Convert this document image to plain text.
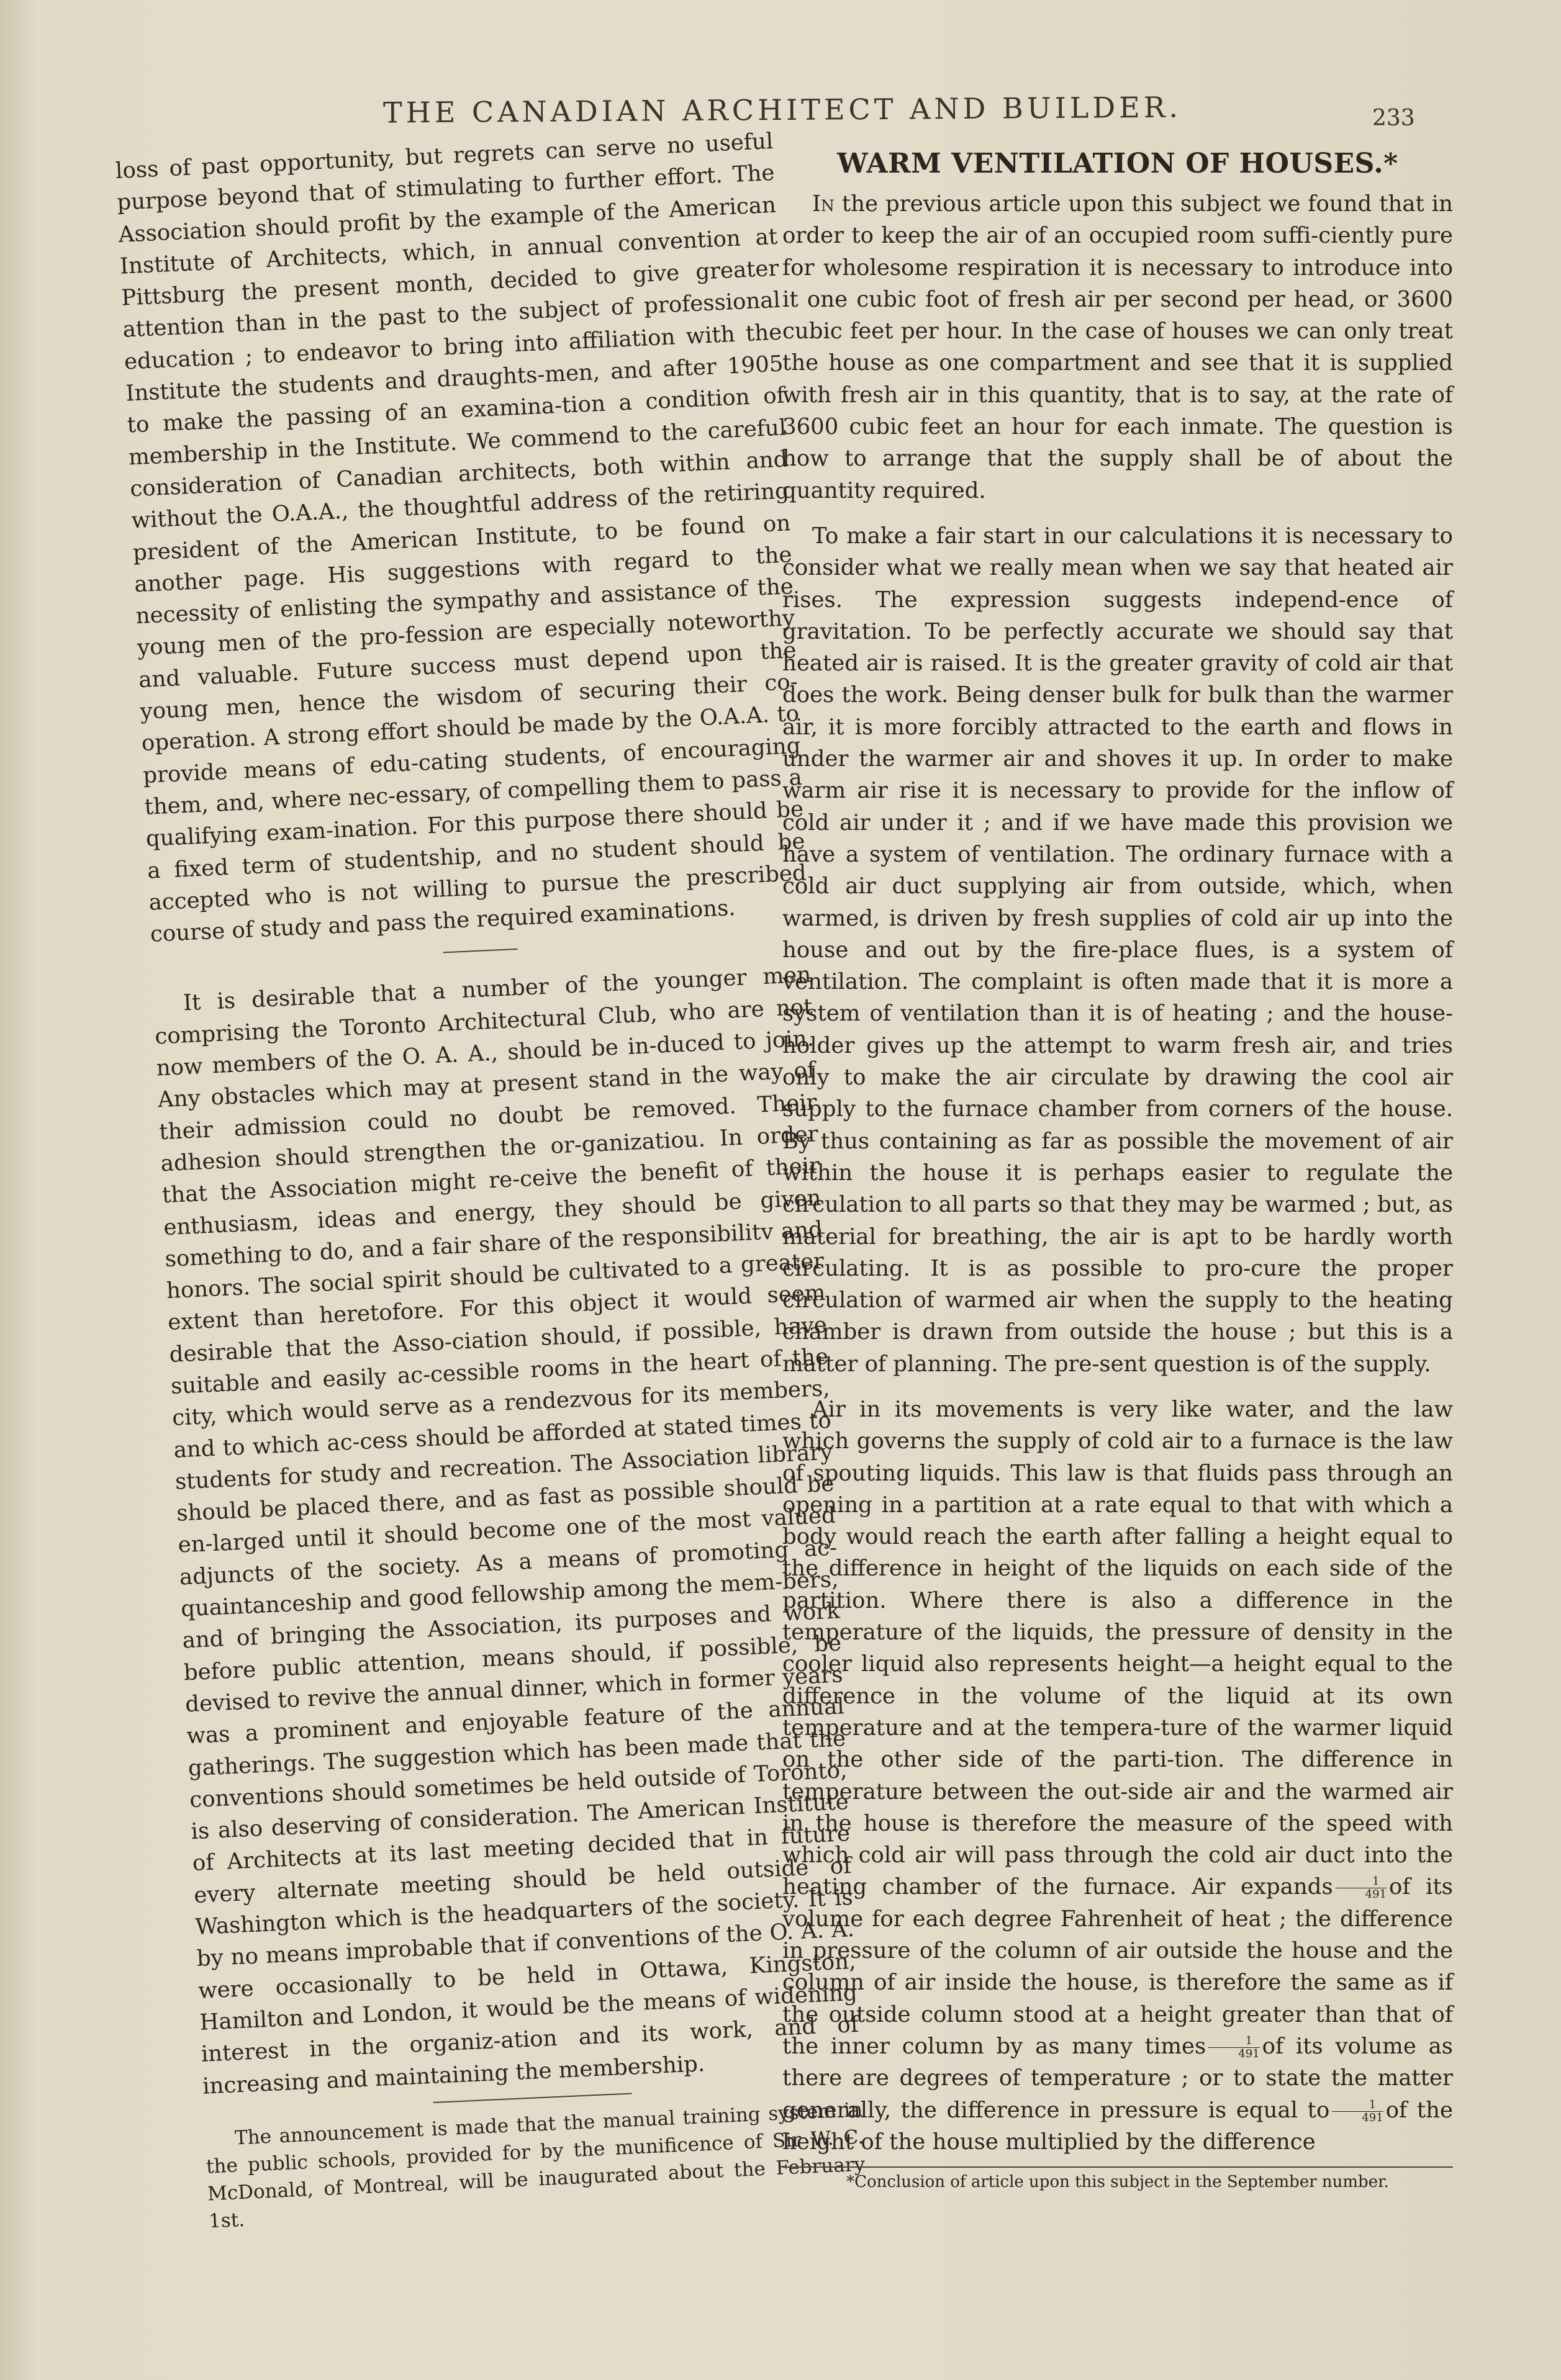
THE CANADIAN ARCHITECT AND BUILDER.	233

loss of past opportunity, but regrets can serve no useful purpose beyond that of stimulating to further effort. The Association should profit by the example of the American Institute of Architects, which, in annual convention at Pittsburg the present month, decided to give greater attention than in the past to the subject of professional education ; to endeavor to bring into affiliation with the Institute the students and draughts-men, and after 1905 to make the passing of an examina-tion a condition of membership in the Institute. We commend to the careful consideration of Canadian architects, both within and without the O.A.A., the thoughtful address of the retiring president of the American Institute, to be found on another page. His suggestions with regard to the necessity of enlisting the sympathy and assistance of the young men of the pro-fession are especially noteworthy and valuable. Future success must depend upon the young men, hence the wisdom of securing their co-operation. A strong effort should be made by the O.A.A. to provide means of edu-cating students, of encouraging them, and, where nec-essary, of compelling them to pass a qualifying exam-ination. For this purpose there should be a fixed term of studentship, and no student should be accepted who is not willing to pursue the prescribed course of study and pass the required examinations.

It is desirable that a number of the younger men comprising the Toronto Architectural Club, who are not now members of the O. A. A., should be in-duced to join. Any obstacles which may at present stand in the way of their admission could no doubt be removed. Their adhesion should strengthen the or-ganizatiou. In order that the Association might re-ceive the benefit of their enthusiasm, ideas and energy, they should be given something to do, and a fair share of the responsibilitv and honors. The social spirit should be cultivated to a greater extent than heretofore. For this object it would seem desirable that the Asso-ciation should, if possible, have suitable and easily ac-cessible rooms in the heart of the city, which would serve as a rendezvous for its members, and to which ac-cess should be afforded at stated times to students for study and recreation. The Association library should be placed there, and as fast as possible should be en-larged until it should become one of the most valued adjuncts of the society. As a means of promoting ac-quaintanceship and good fellowship among the mem-bers, and of bringing the Association, its purposes and work before public attention, means should, if possible, be devised to revive the annual dinner, which in former years was a prominent and enjoyable feature of the annual gatherings. The suggestion which has been made that the conventions should sometimes be held outside of Toronto, is also deserving of consideration. The American Institute of Architects at its last meeting decided that in future every alternate meeting should be held outside of Washington which is the headquarters of the society. It is by no means improbable that if conventions of the O. A. A. were occasionally to be held in Ottawa, Kingston, Hamilton and London, it would be the means of widening interest in the organiz-ation and its work, and of increasing and maintaining the membership.

The announcement is made that the manual training system in the public schools, provided for by the munificence of Sir W. C. McDonald, of Montreal, will be inaugurated about the February 1st.

WARM VENTILATION OF HOUSES.*

In the previous article upon this subject we found that in order to keep the air of an occupied room suffi-ciently pure for wholesome respiration it is necessary to introduce into it one cubic foot of fresh air per second per head, or 3600 cubic feet per hour. In the case of houses we can only treat the house as one compartment and see that it is supplied with fresh air in this quantity, that is to say, at the rate of 3600 cubic feet an hour for each inmate. The question is how to arrange that the supply shall be of about the quantity required.

To make a fair start in our calculations it is necessary to consider what we really mean when we say that heated air rises. The expression suggests independ-ence of gravitation. To be perfectly accurate we should say that heated air is raised. It is the greater gravity of cold air that does the work. Being denser bulk for bulk than the warmer air, it is more forcibly attracted to the earth and flows in under the warmer air and shoves it up. In order to make warm air rise it is necessary to provide for the inflow of cold air under it ; and if we have made this provision we have a system of ventilation. The ordinary furnace with a cold air duct supplying air from outside, which, when warmed, is driven by fresh supplies of cold air up into the house and out by the fire-place flues, is a system of ventilation. The complaint is often made that it is more a system of ventilation than it is of heating ; and the house-holder gives up the attempt to warm fresh air, and tries only to make the air circulate by drawing the cool air supply to the furnace chamber from corners of the house. By thus containing as far as possible the movement of air within the house it is perhaps easier to regulate the circulation to all parts so that they may be warmed ; but, as material for breathing, the air is apt to be hardly worth circulating. It is as possible to pro-cure the proper circulation of warmed air when the supply to the heating chamber is drawn from outside the house ; but this is a matter of planning. The pre-sent question is of the supply.

Air in its movements is very like water, and the law which governs the supply of cold air to a furnace is the law of spouting liquids. This law is that fluids pass through an opening in a partition at a rate equal to that with which a body would reach the earth after falling a height equal to the difference in height of the liquids on each side of the partition. Where there is also a difference in the temperature of the liquids, the pressure of density in the cooler liquid also represents height—a height equal to the difference in the volume of the liquid at its own temperature and at the tempera-ture of the warmer liquid on the other side of the parti-tion. The difference in temperature between the out-side air and the warmed air in the house is therefore the measure of the speed with which cold air will pass through the cold air duct into the heating chamber of the furnace. Air expands $\frac{1}{491}$ of its volume for each degree Fahrenheit of heat ; the difference in pressure of the column of air outside the house and the column of air inside the house, is therefore the same as if the outside column stood at a height greater than that of the inner column by as many times $\frac{1}{491}$ of its volume as there are degrees of temperature ; or to state the matter generally, the difference in pressure is equal to $\frac{1}{491}$ of the height of the house multiplied by the difference

*Conclusion of article upon this subject in the September number.
